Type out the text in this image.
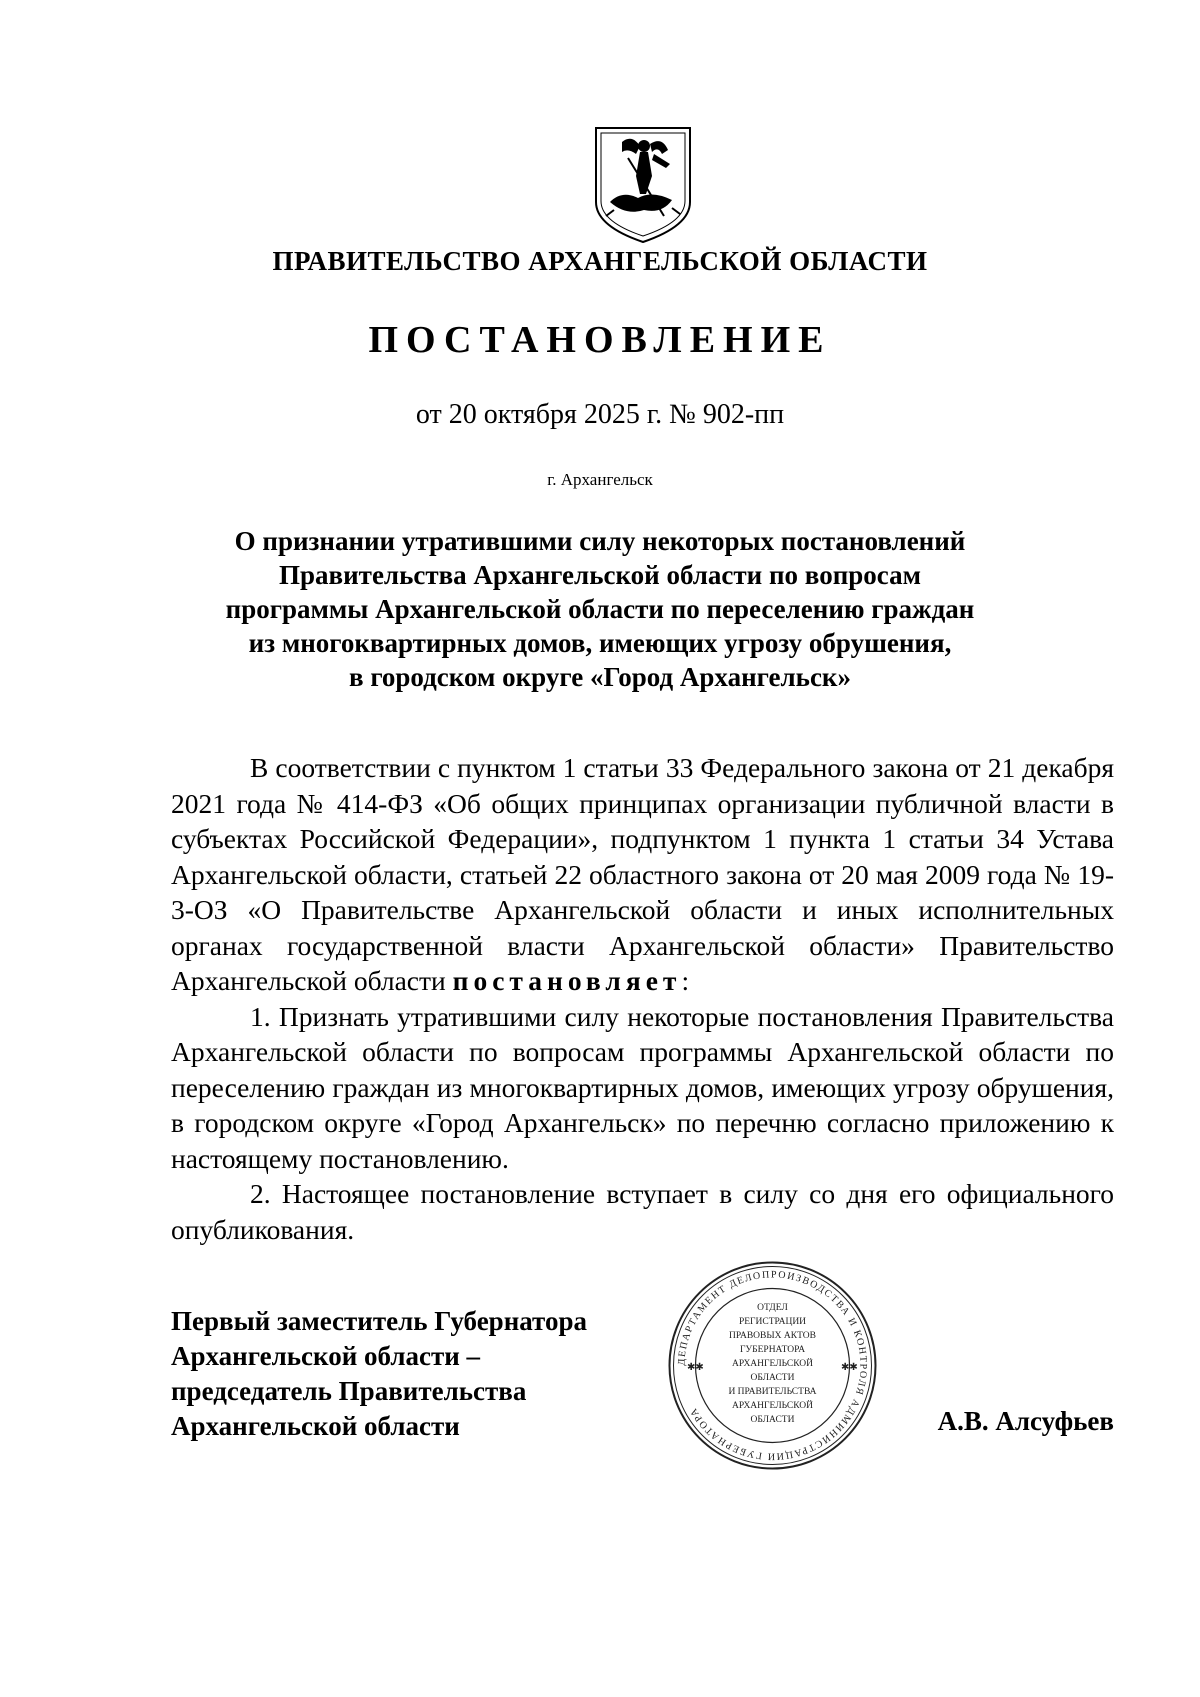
ПРАВИТЕЛЬСТВО АРХАНГЕЛЬСКОЙ ОБЛАСТИ
ПОСТАНОВЛЕНИЕ
от 20 октября 2025 г. № 902-пп
г. Архангельск
О признании утратившими силу некоторых постановлений
Правительства Архангельской области по вопросам
программы Архангельской области по переселению граждан
из многоквартирных домов, имеющих угрозу обрушения,
в городском округе «Город Архангельск»

В соответствии с пунктом 1 статьи 33 Федерального закона от 21 декабря 2021 года № 414-ФЗ «Об общих принципах организации публичной власти в субъектах Российской Федерации», подпунктом 1 пункта 1 статьи 34 Устава Архангельской области, статьей 22 областного закона от 20 мая 2009 года № 19-3-ОЗ «О Правительстве Архангельской области и иных исполнительных органах государственной власти Архангельской области» Правительство Архангельской области постановляет:

1. Признать утратившими силу некоторые постановления Правительства Архангельской области по вопросам программы Архангельской области по переселению граждан из многоквартирных домов, имеющих угрозу обрушения, в городском округе «Город Архангельск» по перечню согласно приложению к настоящему постановлению.

2. Настоящее постановление вступает в силу со дня его официального опубликования.

Первый заместитель Губернатора
Архангельской области –
председатель Правительства
Архангельской области
ДЕПАРТАМЕНТ ДЕЛОПРОИЗВОДСТВА И КОНТРОЛЯ АДМИНИСТРАЦИИ ГУБЕРНАТОРА
ОТДЕЛ
РЕГИСТРАЦИИ
ПРАВОВЫХ АКТОВ
ГУБЕРНАТОРА
АРХАНГЕЛЬСКОЙ
ОБЛАСТИ
И ПРАВИТЕЛЬСТВА
АРХАНГЕЛЬСКОЙ
ОБЛАСТИ
✱✱	✱✱
А.В. Алсуфьев
